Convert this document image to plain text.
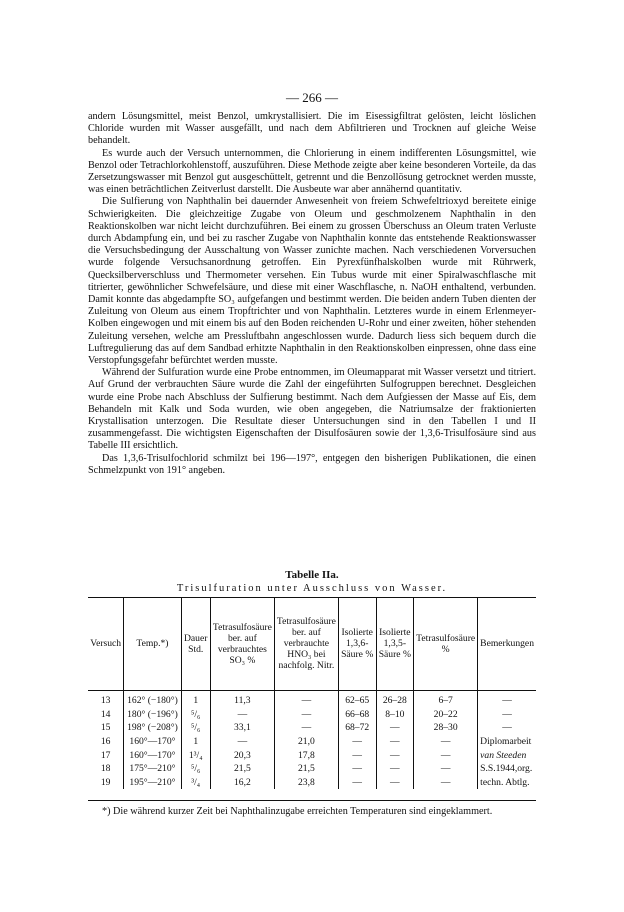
— 266 —

andern Lösungsmittel, meist Benzol, umkrystallisiert. Die im Eisessigfiltrat gelösten, leicht löslichen Chloride wurden mit Wasser ausgefällt, und nach dem Abfiltrieren und Trocknen auf gleiche Weise behandelt.

Es wurde auch der Versuch unternommen, die Chlorierung in einem indifferenten Lösungsmittel, wie Benzol oder Tetrachlorkohlenstoff, auszuführen. Diese Methode zeigte aber keine besonderen Vorteile, da das Zersetzungswasser mit Benzol gut ausgeschüttelt, getrennt und die Benzollösung getrocknet werden musste, was einen beträchtlichen Zeitverlust darstellt. Die Ausbeute war aber annähernd quantitativ.

Die Sulfierung von Naphthalin bei dauernder Anwesenheit von freiem Schwefeltrioxyd bereitete einige Schwierigkeiten. Die gleichzeitige Zugabe von Oleum und geschmolzenem Naphthalin in den Reaktionskolben war nicht leicht durchzuführen. Bei einem zu grossen Überschuss an Oleum traten Verluste durch Abdampfung ein, und bei zu rascher Zugabe von Naphthalin konnte das entstehende Reaktionswasser die Versuchsbedingung der Ausschaltung von Wasser zunichte machen. Nach verschiedenen Vorversuchen wurde folgende Versuchsanordnung getroffen. Ein Pyrexfünfhalskolben wurde mit Rührwerk, Quecksilberverschluss und Thermometer versehen. Ein Tubus wurde mit einer Spiralwaschflasche mit titrierter, gewöhnlicher Schwefelsäure, und diese mit einer Waschflasche, n. NaOH enthaltend, verbunden. Damit konnte das abgedampfte SO₃ aufgefangen und bestimmt werden. Die beiden andern Tuben dienten der Zuleitung von Oleum aus einem Tropftrichter und von Naphthalin. Letzteres wurde in einem Erlenmeyer-Kolben eingewogen und mit einem bis auf den Boden reichenden U-Rohr und einer zweiten, höher stehenden Zuleitung versehen, welche am Pressluftbahn angeschlossen wurde. Dadurch liess sich bequem durch die Luftregulierung das auf dem Sandbad erhitzte Naphthalin in den Reaktionskolben einpressen, ohne dass eine Verstopfungsgefahr befürchtet werden musste.

Während der Sulfuration wurde eine Probe entnommen, im Oleumapparat mit Wasser versetzt und titriert. Auf Grund der verbrauchten Säure wurde die Zahl der eingeführten Sulfogruppen berechnet. Desgleichen wurde eine Probe nach Abschluss der Sulfierung bestimmt. Nach dem Aufgiessen der Masse auf Eis, dem Behandeln mit Kalk und Soda wurden, wie oben angegeben, die Natriumsalze der fraktionierten Krystallisation unterzogen. Die Resultate dieser Untersuchungen sind in den Tabellen I und II zusammengefasst. Die wichtigsten Eigenschaften der Disulfosäuren sowie der 1,3,6-Trisulfosäure sind aus Tabelle III ersichtlich.

Das 1,3,6-Trisulfochlorid schmilzt bei 196—197°, entgegen den bisherigen Publikationen, die einen Schmelzpunkt von 191° angeben.

Tabelle IIa.
Trisulfuration unter Ausschluss von Wasser.
Versuch	Temp.*)	Dauer Std.	Tetrasulfosäure ber. auf verbrauchtes SO₃ %	Tetrasulfosäure ber. auf verbrauchte HNO₃ bei nachfolg. Nitr.	Isolierte 1,3,6-Säure %	Isolierte 1,3,5-Säure %	Tetrasulfosäure %	Bemerkungen
13	162° (−180°)	1	11,3	—	62–65	26–28	6–7	—
14	180° (−196°)	⁵/₆	—	—	66–68	8–10	20–22	—
15	198° (−208°)	⁵/₆	33,1	—	68–72	—	28–30	—
16	160°—170°	1	—	21,0	—	—	—	Diplomarbeit
17	160°—170°	1³/₄	20,3	17,8	—	—	—	van Steeden
18	175°—210°	⁵/₆	21,5	21,5	—	—	—	S.S.1944,org.
19	195°—210°	³/₄	16,2	23,8	—	—	—	techn. Abtlg.

*) Die während kurzer Zeit bei Naphthalinzugabe erreichten Temperaturen sind eingeklammert.
